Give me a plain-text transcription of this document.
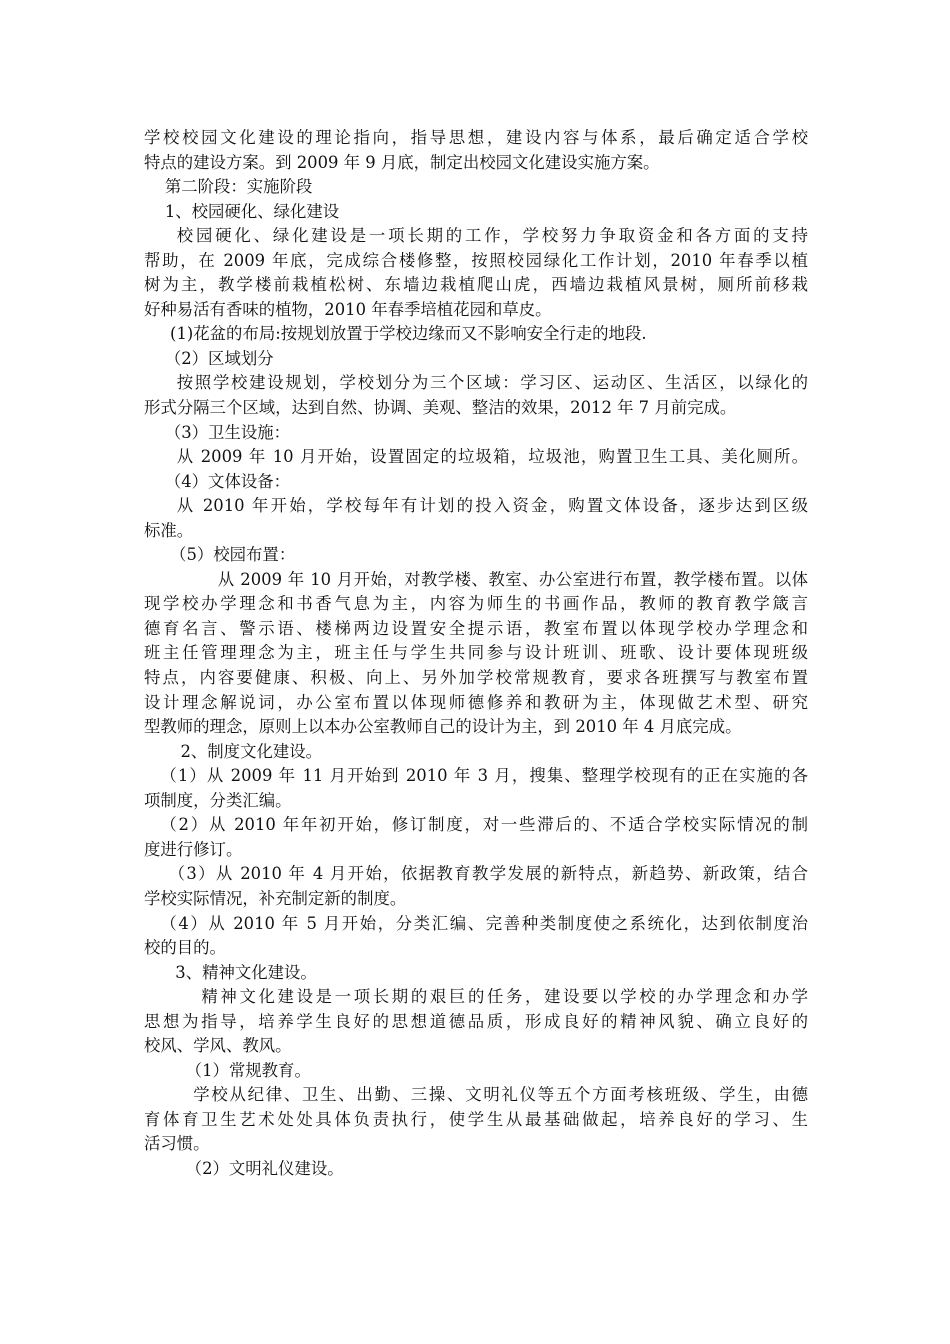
学校校园文化建设的理论指向，指导思想，建设内容与体系，最后确定适合学校
特点的建设方案。到 2009 年 9 月底，制定出校园文化建设实施方案。
第二阶段：实施阶段
1、校园硬化、绿化建设
校园硬化、绿化建设是一项长期的工作，学校努力争取资金和各方面的支持
帮助，在 2009 年底，完成综合楼修整，按照校园绿化工作计划，2010 年春季以植
树为主，教学楼前栽植松树、东墙边栽植爬山虎，西墙边栽植风景树，厕所前移栽
好种易活有香味的植物，2010 年春季培植花园和草皮。
(1)花盆的布局:按规划放置于学校边缘而又不影响安全行走的地段.
（2）区域划分
按照学校建设规划，学校划分为三个区域：学习区、运动区、生活区，以绿化的
形式分隔三个区域，达到自然、协调、美观、整洁的效果，2012 年 7 月前完成。
（3）卫生设施：
从 2009 年 10 月开始，设置固定的垃圾箱，垃圾池，购置卫生工具、美化厕所。
（4）文体设备：
从 2010 年开始，学校每年有计划的投入资金，购置文体设备，逐步达到区级
标准。
（5）校园布置：
从 2009 年 10 月开始，对教学楼、教室、办公室进行布置，教学楼布置。以体
现学校办学理念和书香气息为主，内容为师生的书画作品，教师的教育教学箴言
德育名言、警示语、楼梯两边设置安全提示语，教室布置以体现学校办学理念和
班主任管理理念为主，班主任与学生共同参与设计班训、班歌、设计要体现班级
特点，内容要健康、积极、向上、另外加学校常规教育，要求各班撰写与教室布置
设计理念解说词，办公室布置以体现师德修养和教研为主，体现做艺术型、研究
型教师的理念，原则上以本办公室教师自己的设计为主，到 2010 年 4 月底完成。
2、制度文化建设。
（1）从 2009 年 11 月开始到 2010 年 3 月，搜集、整理学校现有的正在实施的各
项制度，分类汇编。
（2）从 2010 年年初开始，修订制度，对一些滞后的、不适合学校实际情况的制
度进行修订。
（3）从 2010 年 4 月开始，依据教育教学发展的新特点，新趋势、新政策，结合
学校实际情况，补充制定新的制度。
（4）从 2010 年 5 月开始，分类汇编、完善种类制度使之系统化，达到依制度治
校的目的。
3、精神文化建设。
精神文化建设是一项长期的艰巨的任务，建设要以学校的办学理念和办学
思想为指导，培养学生良好的思想道德品质，形成良好的精神风貌、确立良好的
校风、学风、教风。
（1）常规教育。
学校从纪律、卫生、出勤、三操、文明礼仪等五个方面考核班级、学生，由德
育体育卫生艺术处处具体负责执行，使学生从最基础做起，培养良好的学习、生
活习惯。
（2）文明礼仪建设。
